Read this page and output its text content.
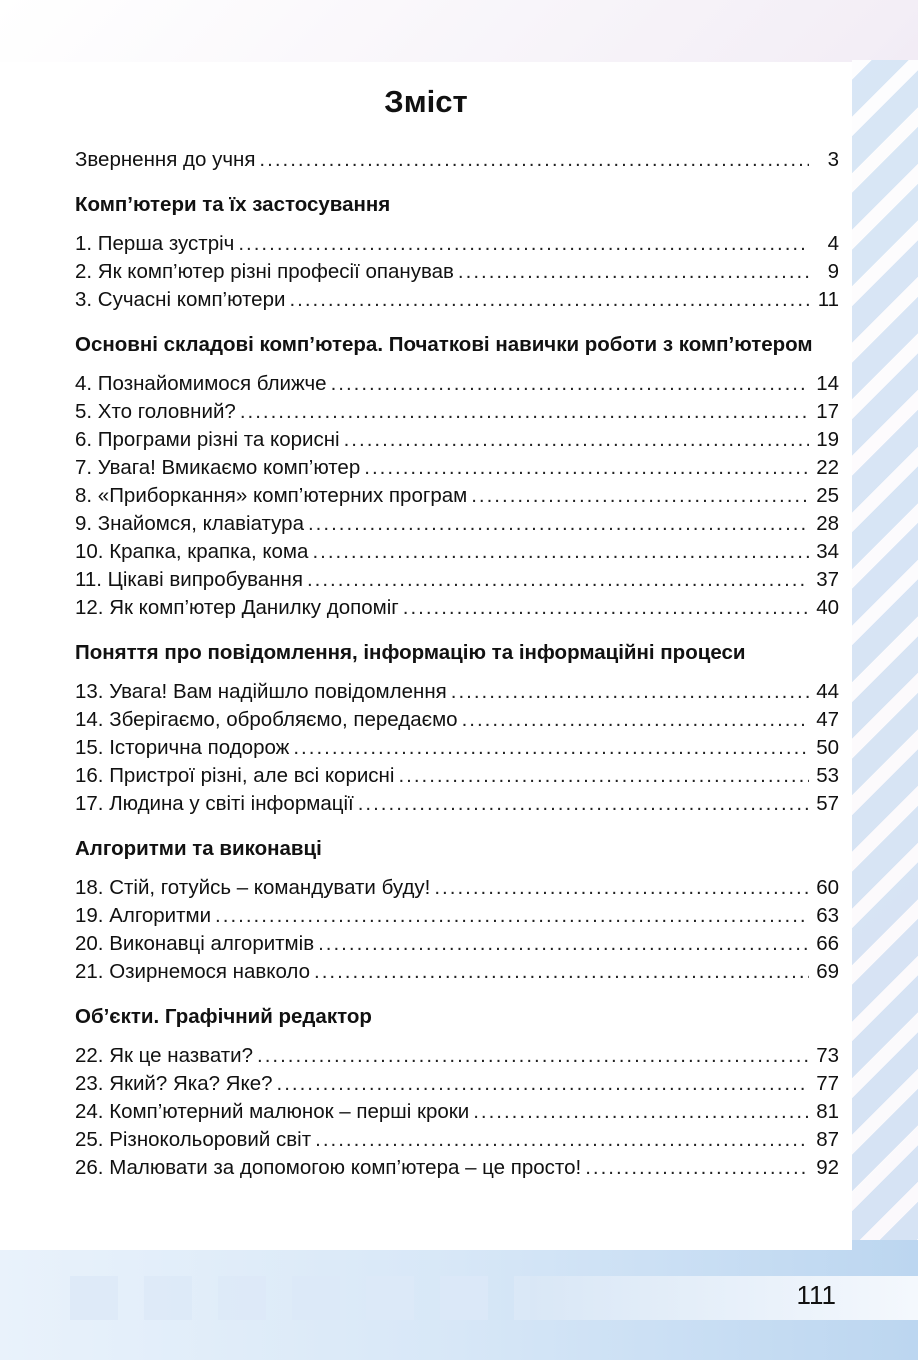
Зміст
Звернення до учня .....	3
Комп’ютери та їх застосування
1. Перша зустріч .....	4
2. Як комп’ютер різні професії опанував .....	9
3. Сучасні комп’ютери .....	11
Основні складові комп’ютера. Початкові навички роботи з комп’ютером
4. Познайомимося ближче .....	14
5. Хто головний? .....	17
6. Програми різні та корисні .....	19
7. Увага! Вмикаємо комп’ютер .....	22
8. «Приборкання» комп’ютерних програм .....	25
9. Знайомся, клавіатура .....	28
10. Крапка, крапка, кома .....	34
11. Цікаві випробування .....	37
12. Як комп’ютер Данилку допоміг .....	40
Поняття про повідомлення, інформацію та інформаційні процеси
13. Увага! Вам надійшло повідомлення .....	44
14. Зберігаємо, обробляємо, передаємо .....	47
15. Історична подорож .....	50
16. Пристрої різні, але всі корисні .....	53
17. Людина у світі інформації .....	57
Алгоритми та виконавці
18. Стій, готуйсь – командувати буду! .....	60
19. Алгоритми .....	63
20. Виконавці алгоритмів .....	66
21. Озирнемося навколо .....	69
Об’єкти. Графічний редактор
22. Як це назвати? .....	73
23. Який? Яка? Яке? .....	77
24. Комп’ютерний малюнок – перші кроки .....	81
25. Різнокольоровий світ .....	87
26. Малювати за допомогою комп’ютера – це просто! .....	92
111
